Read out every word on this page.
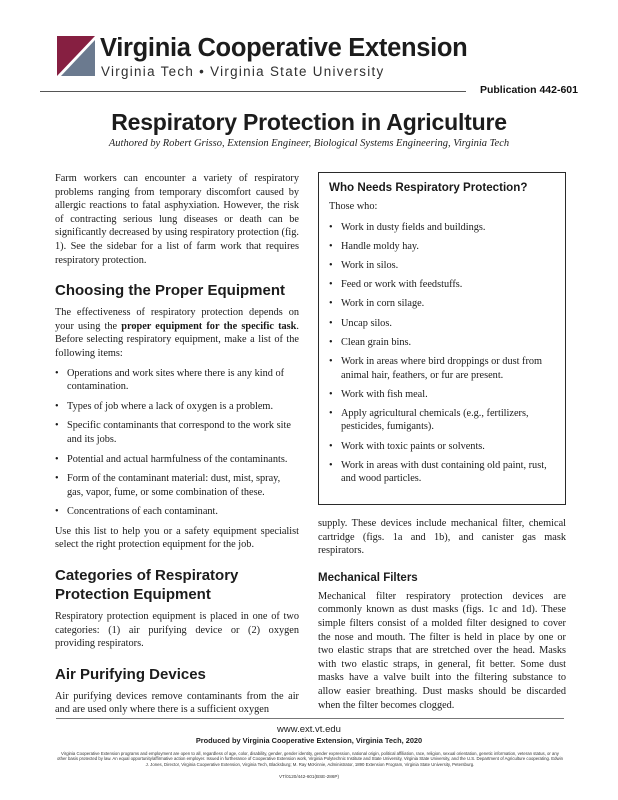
Virginia Cooperative Extension
Virginia Tech • Virginia State University
Publication 442-601
Respiratory Protection in Agriculture
Authored by Robert Grisso, Extension Engineer, Biological Systems Engineering, Virginia Tech

Farm workers can encounter a variety of respiratory problems ranging from temporary discomfort caused by allergic reactions to fatal asphyxiation. However, the risk of contracting serious lung diseases or death can be significantly decreased by using respiratory protection (fig. 1). See the sidebar for a list of farm work that requires respiratory protection.

Choosing the Proper Equipment

The effectiveness of respiratory protection depends on your using the proper equipment for the specific task. Before selecting respiratory equipment, make a list of the following items:

• Operations and work sites where there is any kind of contamination.
• Types of job where a lack of oxygen is a problem.
• Specific contaminants that correspond to the work site and its jobs.
• Potential and actual harmfulness of the contaminants.
• Form of the contaminant material: dust, mist, spray, gas, vapor, fume, or some combination of these.
• Concentrations of each contaminant.

Use this list to help you or a safety equipment specialist select the right protection equipment for the job.

Categories of Respiratory
Protection Equipment

Respiratory protection equipment is placed in one of two categories: (1) air purifying device or (2) oxygen providing respirators.

Air Purifying Devices

Air purifying devices remove contaminants from the air and are used only where there is a sufficient oxygen

Who Needs Respiratory Protection?

Those who:

• Work in dusty fields and buildings.
• Handle moldy hay.
• Work in silos.
• Feed or work with feedstuffs.
• Work in corn silage.
• Uncap silos.
• Clean grain bins.
• Work in areas where bird droppings or dust from animal hair, feathers, or fur are present.
• Work with fish meal.
• Apply agricultural chemicals (e.g., fertilizers, pesticides, fumigants).
• Work with toxic paints or solvents.
• Work in areas with dust containing old paint, rust, and wood particles.

supply. These devices include mechanical filter, chemical cartridge (figs. 1a and 1b), and canister gas mask respirators.

Mechanical Filters

Mechanical filter respiratory protection devices are commonly known as dust masks (figs. 1c and 1d). These simple filters consist of a molded filter designed to cover the nose and mouth. The filter is held in place by one or two elastic straps that are stretched over the head. Masks with two elastic straps, in general, fit better. Some dust masks have a valve built into the filtering substance to allow easier breathing. Dust masks should be discarded when the filter becomes clogged.

www.ext.vt.edu
Produced by Virginia Cooperative Extension, Virginia Tech, 2020
Virginia Cooperative Extension programs and employment are open to all, regardless of age, color, disability, gender, gender identity, gender expression, national origin, political affiliation, race, religion, sexual orientation, genetic information, veteran status, or any other basis protected by law. An equal opportunity/affirmative action employer. Issued in furtherance of Cooperative Extension work, Virginia Polytechnic Institute and State University, Virginia State University, and the U.S. Department of Agriculture cooperating. Edwin J. Jones, Director, Virginia Cooperative Extension, Virginia Tech, Blacksburg; M. Ray McKinnie, Administrator, 1890 Extension Program, Virginia State University, Petersburg.
VT/0120/442-601(BSE-286P)
